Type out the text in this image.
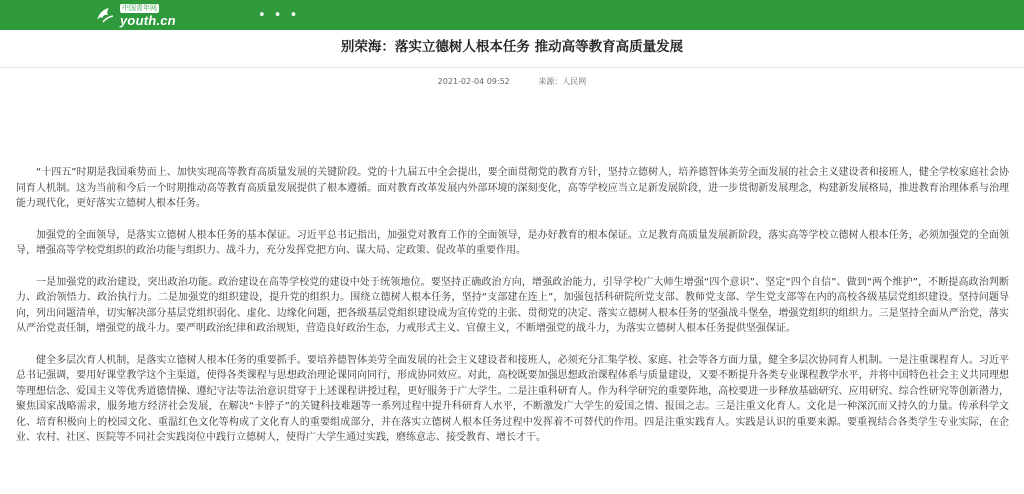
中国青年网
youth.cn	• • •
别荣海：落实立德树人根本任务 推动高等教育高质量发展
2021-02-04 09:52	来源：人民网

“十四五”时期是我国乘势而上、加快实现高等教育高质量发展的关键阶段。党的十九届五中全会提出，要全面贯彻党的教育方针，坚持立德树人，培养德智体美劳全面发展的社会主义建设者和接班人，健全学校家庭社会协同育人机制。这为当前和今后一个时期推动高等教育高质量发展提供了根本遵循。面对教育改革发展内外部环境的深刻变化，高等学校应当立足新发展阶段，进一步贯彻新发展理念，构建新发展格局，推进教育治理体系与治理能力现代化，更好落实立德树人根本任务。

加强党的全面领导，是落实立德树人根本任务的基本保证。习近平总书记指出，加强党对教育工作的全面领导，是办好教育的根本保证。立足教育高质量发展新阶段，落实高等学校立德树人根本任务，必须加强党的全面领导，增强高等学校党组织的政治功能与组织力、战斗力，充分发挥党把方向、谋大局、定政策、促改革的重要作用。

一是加强党的政治建设，突出政治功能。政治建设在高等学校党的建设中处于统领地位。要坚持正确政治方向，增强政治能力，引导学校广大师生增强“四个意识”、坚定“四个自信”、做到“两个维护”，不断提高政治判断力、政治领悟力、政治执行力。二是加强党的组织建设，提升党的组织力。围绕立德树人根本任务，坚持“支部建在连上”，加强包括科研院所党支部、教师党支部、学生党支部等在内的高校各级基层党组织建设。坚持问题导向，列出问题清单，切实解决部分基层党组织弱化、虚化、边缘化问题，把各级基层党组织建设成为宣传党的主张、贯彻党的决定、落实立德树人根本任务的坚强战斗堡垒，增强党组织的组织力。三是坚持全面从严治党，落实从严治党责任制，增强党的战斗力。要严明政治纪律和政治规矩，营造良好政治生态，力戒形式主义、官僚主义，不断增强党的战斗力，为落实立德树人根本任务提供坚强保证。

健全多层次育人机制，是落实立德树人根本任务的重要抓手。要培养德智体美劳全面发展的社会主义建设者和接班人，必须充分汇集学校、家庭、社会等各方面力量，健全多层次协同育人机制。一是注重课程育人。习近平总书记强调，要用好课堂教学这个主渠道，使得各类课程与思想政治理论课同向同行，形成协同效应。对此，高校既要加强思想政治课程体系与质量建设，又要不断提升各类专业课程教学水平，并将中国特色社会主义共同理想等理想信念、爱国主义等优秀道德情操、遵纪守法等法治意识贯穿于上述课程讲授过程，更好服务于广大学生。二是注重科研育人。作为科学研究的重要阵地，高校要进一步释放基础研究、应用研究、综合性研究等创新潜力，聚焦国家战略需求，服务地方经济社会发展，在解决“卡脖子”的关键科技难题等一系列过程中提升科研育人水平，不断激发广大学生的爱国之情、报国之志。三是注重文化育人。文化是一种深沉而又持久的力量。传承科学文化、培育积极向上的校园文化、重温红色文化等构成了文化育人的重要组成部分，并在落实立德树人根本任务过程中发挥着不可替代的作用。四是注重实践育人。实践是认识的重要来源。要重视结合各类学生专业实际，在企业、农村、社区、医院等不同社会实践岗位中践行立德树人，使得广大学生通过实践，磨练意志、接受教育、增长才干。
